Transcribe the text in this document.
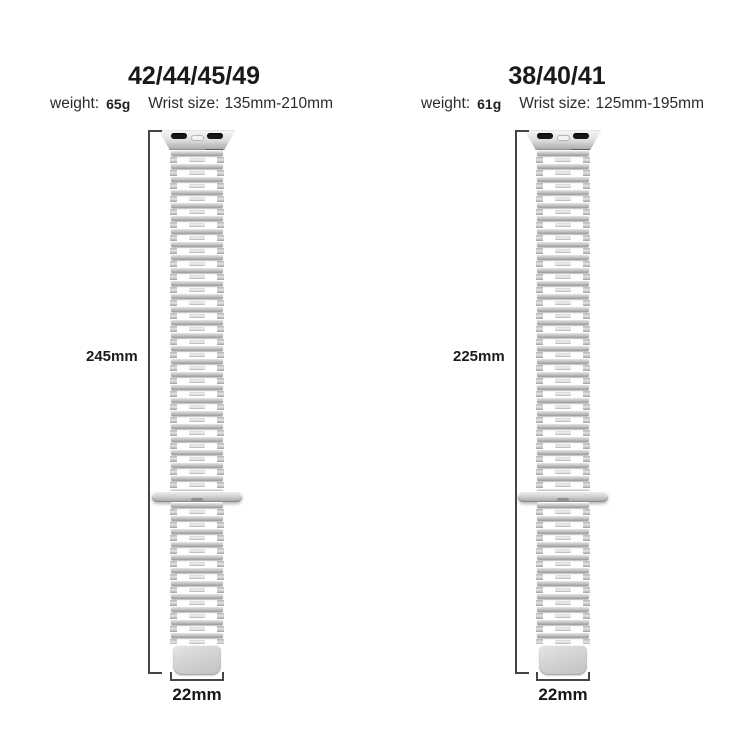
42/44/45/49
weight: 65g Wrist size: 135mm-210mm
245mm
22mm
38/40/41
weight: 61g Wrist size: 125mm-195mm
225mm
22mm
